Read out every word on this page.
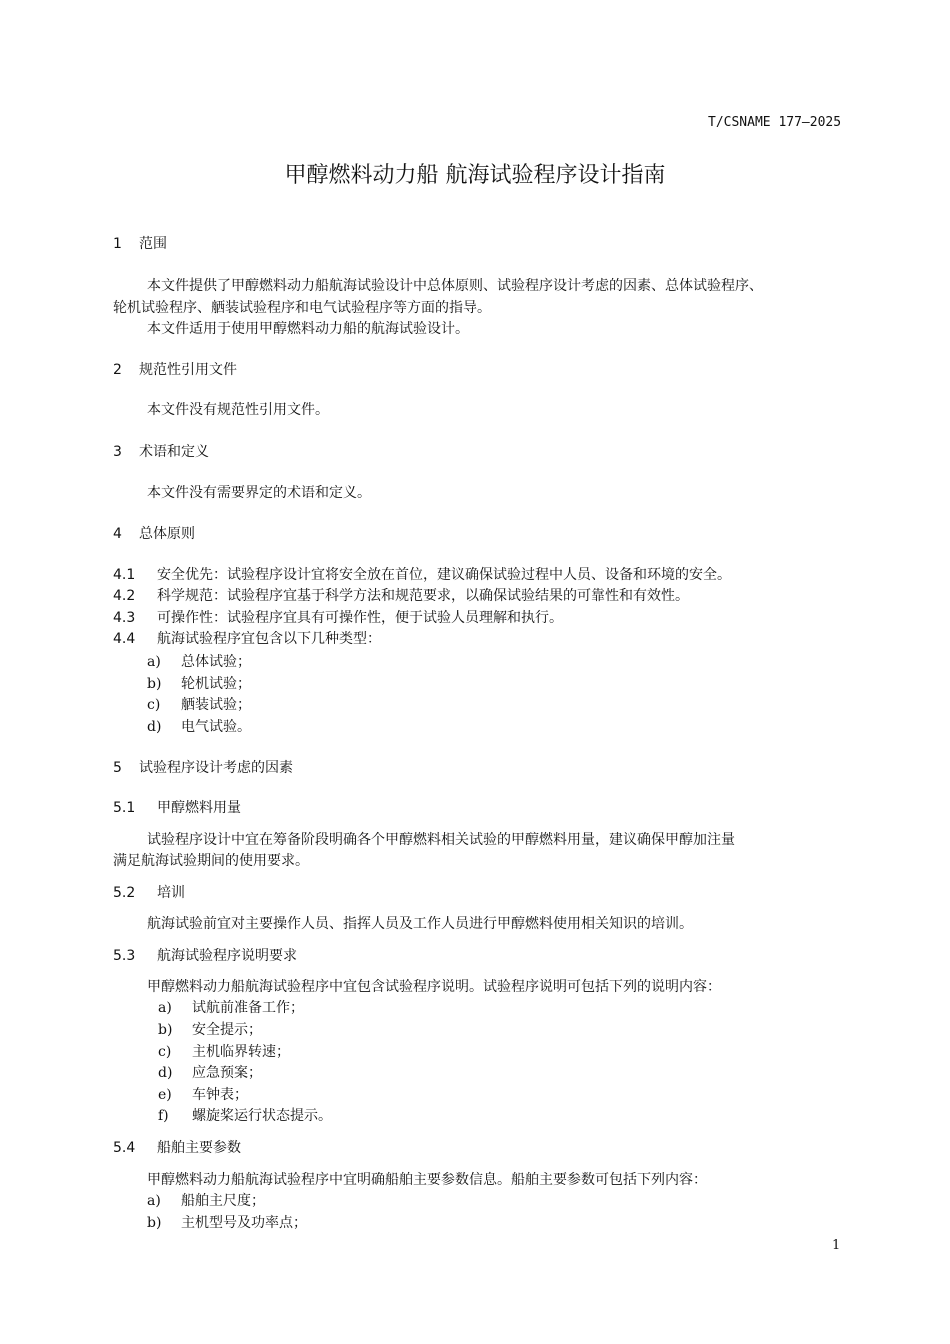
T/CSNAME 177—2025
甲醇燃料动力船 航海试验程序设计指南
1 范围
本文件提供了甲醇燃料动力船航海试验设计中总体原则、试验程序设计考虑的因素、总体试验程序、
轮机试验程序、舾装试验程序和电气试验程序等方面的指导。
本文件适用于使用甲醇燃料动力船的航海试验设计。
2 规范性引用文件
本文件没有规范性引用文件。
3 术语和定义
本文件没有需要界定的术语和定义。
4 总体原则
4.1 安全优先：试验程序设计宜将安全放在首位，建议确保试验过程中人员、设备和环境的安全。
4.2 科学规范：试验程序宜基于科学方法和规范要求，以确保试验结果的可靠性和有效性。
4.3 可操作性：试验程序宜具有可操作性，便于试验人员理解和执行。
4.4 航海试验程序宜包含以下几种类型：
a) 总体试验；
b) 轮机试验；
c) 舾装试验；
d) 电气试验。
5 试验程序设计考虑的因素
5.1 甲醇燃料用量
试验程序设计中宜在筹备阶段明确各个甲醇燃料相关试验的甲醇燃料用量，建议确保甲醇加注量
满足航海试验期间的使用要求。
5.2 培训
航海试验前宜对主要操作人员、指挥人员及工作人员进行甲醇燃料使用相关知识的培训。
5.3 航海试验程序说明要求
甲醇燃料动力船航海试验程序中宜包含试验程序说明。试验程序说明可包括下列的说明内容：
a) 试航前准备工作；
b) 安全提示；
c) 主机临界转速；
d) 应急预案；
e) 车钟表；
f) 螺旋桨运行状态提示。
5.4 船舶主要参数
甲醇燃料动力船航海试验程序中宜明确船舶主要参数信息。船舶主要参数可包括下列内容：
a) 船舶主尺度；
b) 主机型号及功率点；
1
